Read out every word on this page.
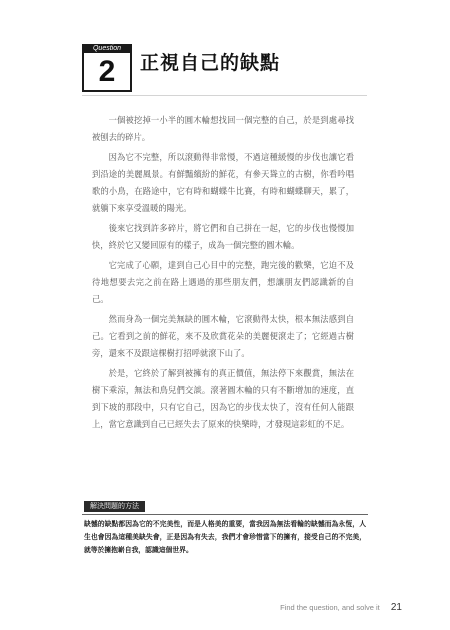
Question
2	正視自己的缺點

一個被挖掉一小半的圓木輪想找回一個完整的自己，於是到處尋找被刨去的碎片。

因為它不完整，所以滾動得非常慢，不過這種緩慢的步伐也讓它看到沿途的美麗風景。有鮮豔繽紛的鮮花，有參天聳立的古樹，你看吟唱歌的小鳥，在路途中，它有時和蝴蝶牛比賽，有時和蝴蝶聊天，累了，就躺下來享受溫暖的陽光。

後來它找到許多碎片，將它們和自己拼在一起，它的步伐也慢慢加快，終於它又變回原有的樣子，成為一個完整的圓木輪。

它完成了心願，達到自己心目中的完整，跑完後的歡樂，它迫不及待地想要去完之前在路上遇過的那些朋友們，想讓朋友們認識新的自己。

然而身為一個完美無缺的圓木輪，它滾動得太快，根本無法感到自己。它看到之前的鮮花，來不及欣賞花朵的美麗便滾走了；它經過古樹旁，還來不及跟這棵樹打招呼就滾下山了。

於是，它終於了解到被擁有的真正價值，無法停下來觀賞，無法在樹下乘涼，無法和鳥兒們交談。滾著圓木輪的只有不斷增加的速度，直到下坡的那段中，只有它自己，因為它的步伐太快了，沒有任何人能跟上，當它意識到自己已經失去了原來的快樂時，才發現這彩虹的不足。

解決問題的方法

缺憾的缺點都因為它的不完美性，而是人格美的重要，當我因為無法看輪的缺憾而為永恆，人生也會因為這種美缺失會，正是因為有失去，我們才會珍惜當下的擁有，接受自己的不完美，就等於擁抱嶄自我，認識這個世界。

Find the question, and solve it 21
